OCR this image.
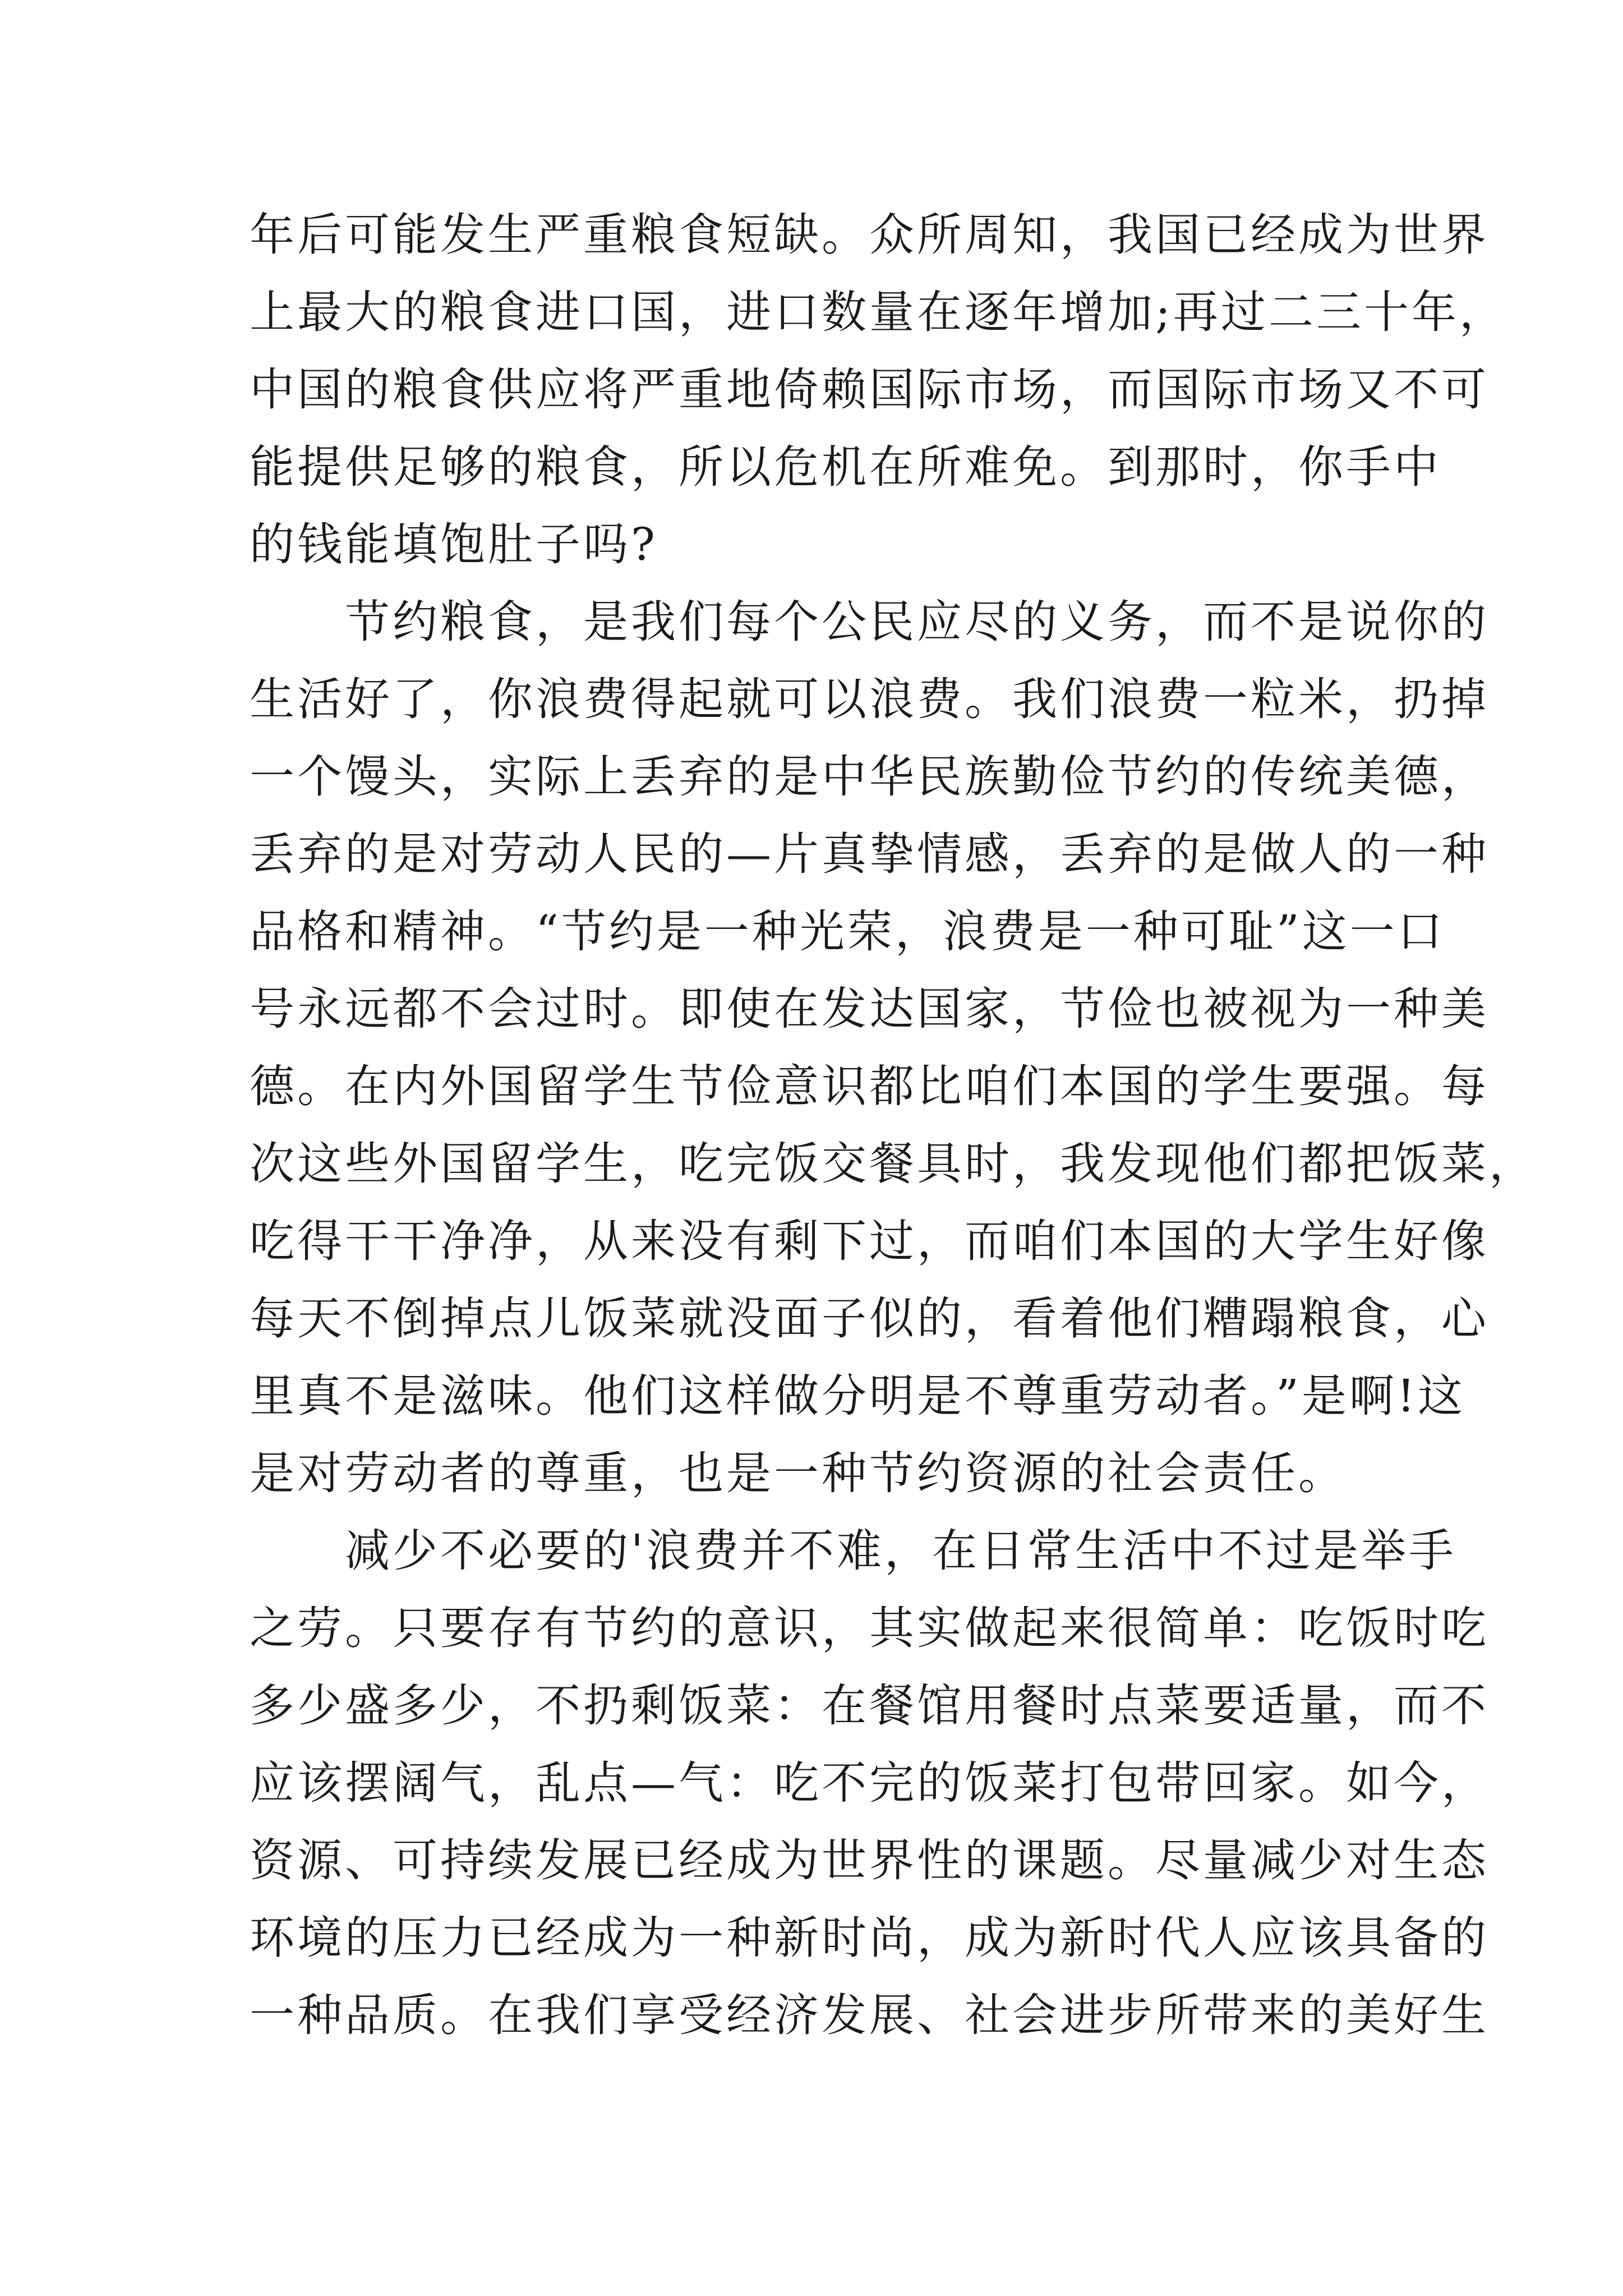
年后可能发生严重粮食短缺。众所周知，我国已经成为世界
上最大的粮食进口国，进口数量在逐年增加;再过二三十年，
中国的粮食供应将严重地倚赖国际市场，而国际市场又不可
能提供足够的粮食，所以危机在所难免。到那时，你手中
的钱能填饱肚子吗?
　　节约粮食，是我们每个公民应尽的义务，而不是说你的
生活好了，你浪费得起就可以浪费。我们浪费一粒米，扔掉
一个馒头，实际上丢弃的是中华民族勤俭节约的传统美德，
丢弃的是对劳动人民的—片真挚情感，丢弃的是做人的一种
品格和精神。“节约是一种光荣，浪费是一种可耻”这一口
号永远都不会过时。即使在发达国家，节俭也被视为一种美
德。在内外国留学生节俭意识都比咱们本国的学生要强。每
次这些外国留学生，吃完饭交餐具时，我发现他们都把饭菜，
吃得干干净净，从来没有剩下过，而咱们本国的大学生好像
每天不倒掉点儿饭菜就没面子似的，看着他们糟蹋粮食，心
里真不是滋味。他们这样做分明是不尊重劳动者。”是啊!这
是对劳动者的尊重，也是一种节约资源的社会责任。
　　减少不必要的'浪费并不难，在日常生活中不过是举手
之劳。只要存有节约的意识，其实做起来很简单：吃饭时吃
多少盛多少，不扔剩饭菜：在餐馆用餐时点菜要适量，而不
应该摆阔气，乱点—气：吃不完的饭菜打包带回家。如今，
资源、可持续发展已经成为世界性的课题。尽量减少对生态
环境的压力已经成为一种新时尚，成为新时代人应该具备的
一种品质。在我们享受经济发展、社会进步所带来的美好生
